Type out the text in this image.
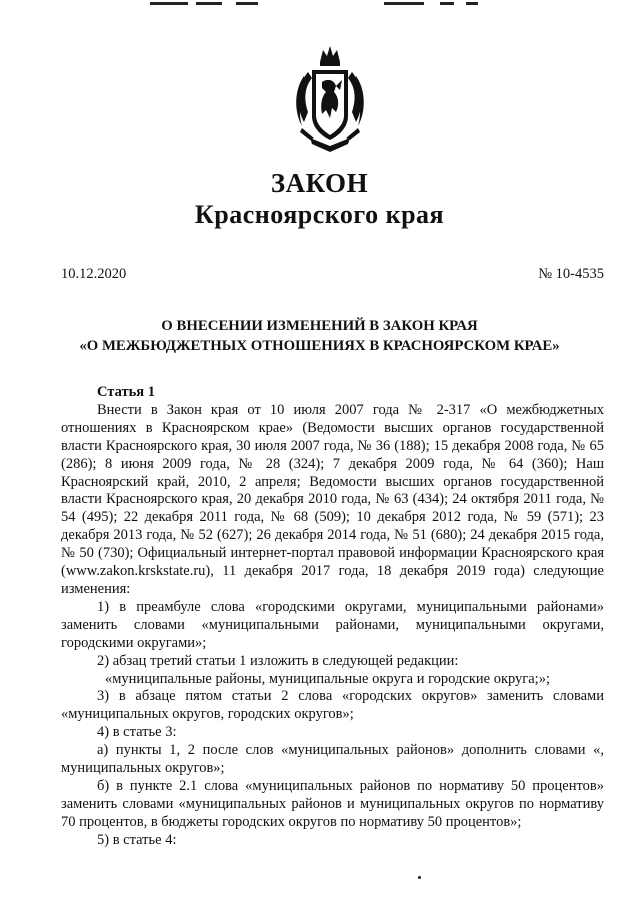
ЗАКОН
Красноярского края
10.12.2020	№ 10-4535
О ВНЕСЕНИИ ИЗМЕНЕНИЙ В ЗАКОН КРАЯ
«О МЕЖБЮДЖЕТНЫХ ОТНОШЕНИЯХ В КРАСНОЯРСКОМ КРАЕ»

Статья 1

Внести в Закон края от 10 июля 2007 года № 2-317 «О межбюджетных отношениях в Красноярском крае» (Ведомости высших органов государственной власти Красноярского края, 30 июля 2007 года, № 36 (188); 15 декабря 2008 года, № 65 (286); 8 июня 2009 года, № 28 (324); 7 декабря 2009 года, № 64 (360); Наш Красноярский край, 2010, 2 апреля; Ведомости высших органов государственной власти Красноярского края, 20 декабря 2010 года, № 63 (434); 24 октября 2011 года, № 54 (495); 22 декабря 2011 года, № 68 (509); 10 декабря 2012 года, № 59 (571); 23 декабря 2013 года, № 52 (627); 26 декабря 2014 года, № 51 (680); 24 декабря 2015 года, № 50 (730); Официальный интернет-портал правовой информации Красноярского края (www.zakon.krskstate.ru), 11 декабря 2017 года, 18 декабря 2019 года) следующие изменения:

1) в преамбуле слова «городскими округами, муниципальными районами» заменить словами «муниципальными районами, муниципальными округами, городскими округами»;

2) абзац третий статьи 1 изложить в следующей редакции:

«муниципальные районы, муниципальные округа и городские округа;»;

3) в абзаце пятом статьи 2 слова «городских округов» заменить словами «муниципальных округов, городских округов»;

4) в статье 3:

а) пункты 1, 2 после слов «муниципальных районов» дополнить словами «, муниципальных округов»;

б) в пункте 2.1 слова «муниципальных районов по нормативу 50 процентов» заменить словами «муниципальных районов и муниципальных округов по нормативу 70 процентов, в бюджеты городских округов по нормативу 50 процентов»;

5) в статье 4:
